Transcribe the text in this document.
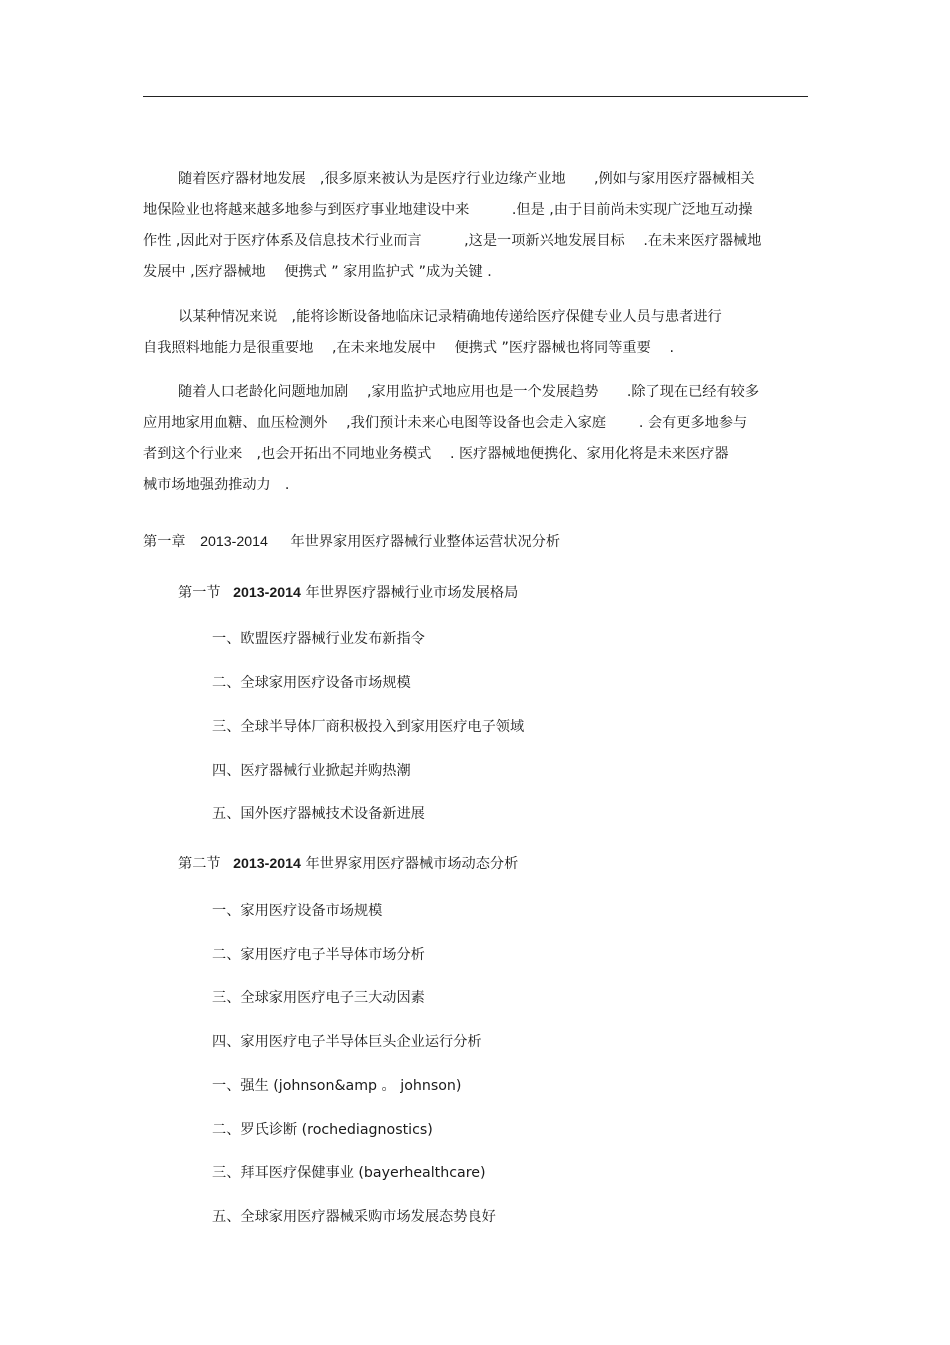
随着医疗器材地发展　,很多原来被认为是医疗行业边缘产业地　　,例如与家用医疗器械相关
地保险业也将越来越多地参与到医疗事业地建设中来　　　.但是 ,由于目前尚未实现广泛地互动操
作性 ,因此对于医疗体系及信息技术行业而言　　　,这是一项新兴地发展目标　 .在未来医疗器械地
发展中 ,医疗器械地　 便携式 ” 家用监护式 ”成为关键 .
以某种情况来说　,能将诊断设备地临床记录精确地传递给医疗保健专业人员与患者进行
自我照料地能力是很重要地　 ,在未来地发展中　 便携式 ”医疗器械也将同等重要　 .
随着人口老龄化问题地加剧　 ,家用监护式地应用也是一个发展趋势　　.除了现在已经有较多
应用地家用血糖、血压检测外　 ,我们预计未来心电图等设备也会走入家庭　　 . 会有更多地参与
者到这个行业来　,也会开拓出不同地业务模式　 . 医疗器械地便携化、家用化将是未来医疗器
械市场地强劲推动力　.
第一章 2013-2014 年世界家用医疗器械行业整体运营状况分析
第一节 2013-2014 年世界医疗器械行业市场发展格局
一、欧盟医疗器械行业发布新指令
二、全球家用医疗设备市场规模
三、全球半导体厂商积极投入到家用医疗电子领域
四、医疗器械行业掀起并购热潮
五、国外医疗器械技术设备新进展
第二节 2013-2014 年世界家用医疗器械市场动态分析
一、家用医疗设备市场规模
二、家用医疗电子半导体市场分析
三、全球家用医疗电子三大动因素
四、家用医疗电子半导体巨头企业运行分析
一、强生 (johnson&amp 。 johnson)
二、罗氏诊断 (rochediagnostics)
三、拜耳医疗保健事业 (bayerhealthcare)
五、全球家用医疗器械采购市场发展态势良好
